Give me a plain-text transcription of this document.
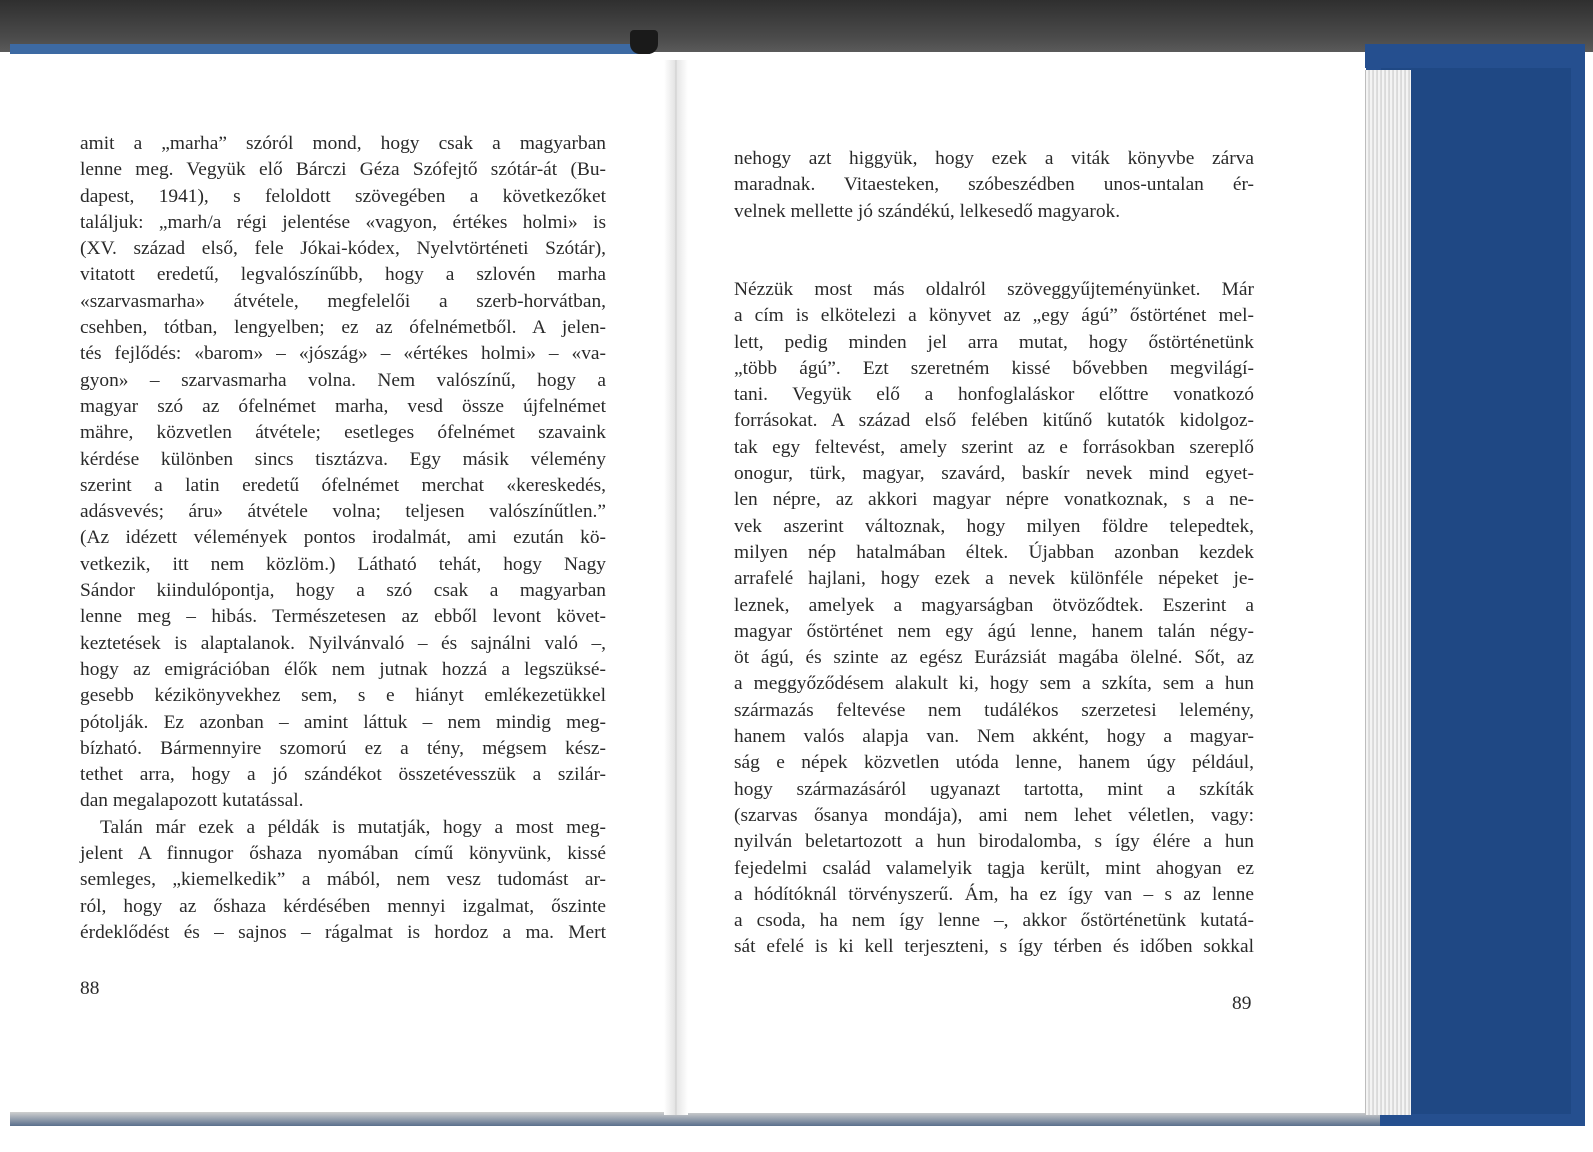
amit a „marha” szóról mond, hogy csak a magyarban
lenne meg. Vegyük elő Bárczi Géza Szófejtő szótár-át (Bu-
dapest, 1941), s feloldott szövegében a következőket
találjuk: „marh/a régi jelentése «vagyon, értékes holmi» is
(XV. század első, fele Jókai-kódex, Nyelvtörténeti Szótár),
vitatott eredetű, legvalószínűbb, hogy a szlovén marha
«szarvasmarha» átvétele, megfelelői a szerb-horvátban,
csehben, tótban, lengyelben; ez az ófelnémetből. A jelen-
tés fejlődés: «barom» – «jószág» – «értékes holmi» – «va-
gyon» – szarvasmarha volna. Nem valószínű, hogy a
magyar szó az ófelnémet marha, vesd össze újfelnémet
mähre, közvetlen átvétele; esetleges ófelnémet szavaink
kérdése különben sincs tisztázva. Egy másik vélemény
szerint a latin eredetű ófelnémet merchat «kereskedés,
adásvevés; áru» átvétele volna; teljesen valószínűtlen.”
(Az idézett vélemények pontos irodalmát, ami ezután kö-
vetkezik, itt nem közlöm.) Látható tehát, hogy Nagy
Sándor kiindulópontja, hogy a szó csak a magyarban
lenne meg – hibás. Természetesen az ebből levont követ-
keztetések is alaptalanok. Nyilvánvaló – és sajnálni való –,
hogy az emigrációban élők nem jutnak hozzá a legszüksé-
gesebb kézikönyvekhez sem, s e hiányt emlékezetükkel
pótolják. Ez azonban – amint láttuk – nem mindig meg-
bízható. Bármennyire szomorú ez a tény, mégsem kész-
tethet arra, hogy a jó szándékot összetévesszük a szilár-
dan megalapozott kutatással.
Talán már ezek a példák is mutatják, hogy a most meg-
jelent A finnugor őshaza nyomában című könyvünk, kissé
semleges, „kiemelkedik” a mából, nem vesz tudomást ar-
ról, hogy az őshaza kérdésében mennyi izgalmat, őszinte
érdeklődést és – sajnos – rágalmat is hordoz a ma. Mert
88
nehogy azt higgyük, hogy ezek a viták könyvbe zárva
maradnak. Vitaesteken, szóbeszédben unos-untalan ér-
velnek mellette jó szándékú, lelkesedő magyarok.
Nézzük most más oldalról szöveggyűjteményünket. Már
a cím is elkötelezi a könyvet az „egy ágú” őstörténet mel-
lett, pedig minden jel arra mutat, hogy őstörténetünk
„több ágú”. Ezt szeretném kissé bővebben megvilágí-
tani. Vegyük elő a honfoglaláskor előttre vonatkozó
forrásokat. A század első felében kitűnő kutatók kidolgoz-
tak egy feltevést, amely szerint az e forrásokban szereplő
onogur, türk, magyar, szavárd, baskír nevek mind egyet-
len népre, az akkori magyar népre vonatkoznak, s a ne-
vek aszerint változnak, hogy milyen földre telepedtek,
milyen nép hatalmában éltek. Újabban azonban kezdek
arrafelé hajlani, hogy ezek a nevek különféle népeket je-
leznek, amelyek a magyarságban ötvöződtek. Eszerint a
magyar őstörténet nem egy ágú lenne, hanem talán négy-
öt ágú, és szinte az egész Eurázsiát magába ölelné. Sőt, az
a meggyőződésem alakult ki, hogy sem a szkíta, sem a hun
származás feltevése nem tudálékos szerzetesi lelemény,
hanem valós alapja van. Nem akként, hogy a magyar-
ság e népek közvetlen utóda lenne, hanem úgy például,
hogy származásáról ugyanazt tartotta, mint a szkíták
(szarvas ősanya mondája), ami nem lehet véletlen, vagy:
nyilván beletartozott a hun birodalomba, s így élére a hun
fejedelmi család valamelyik tagja került, mint ahogyan ez
a hódítóknál törvényszerű. Ám, ha ez így van – s az lenne
a csoda, ha nem így lenne –, akkor őstörténetünk kutatá-
sát efelé is ki kell terjeszteni, s így térben és időben sokkal
89
